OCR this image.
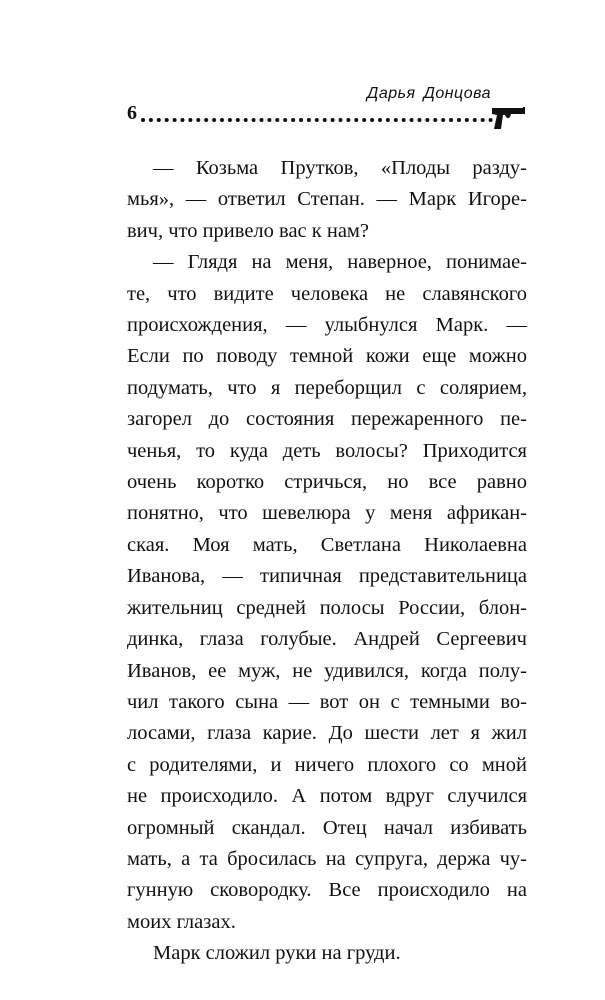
6
Дарья Донцова
— Козьма Прутков, «Плоды разду-
мья», — ответил Степан. — Марк Игоре-
вич, что привело вас к нам?
— Глядя на меня, наверное, понимае-
те, что видите человека не славянского
происхождения, — улыбнулся Марк. —
Если по поводу темной кожи еще можно
подумать, что я переборщил с солярием,
загорел до состояния пережаренного пе-
ченья, то куда деть волосы? Приходится
очень коротко стричься, но все равно
понятно, что шевелюра у меня африкан-
ская. Моя мать, Светлана Николаевна
Иванова, — типичная представительница
жительниц средней полосы России, блон-
динка, глаза голубые. Андрей Сергеевич
Иванов, ее муж, не удивился, когда полу-
чил такого сына — вот он с темными во-
лосами, глаза карие. До шести лет я жил
с родителями, и ничего плохого со мной
не происходило. А потом вдруг случился
огромный скандал. Отец начал избивать
мать, а та бросилась на супруга, держа чу-
гунную сковородку. Все происходило на
моих глазах.
Марк сложил руки на груди.
